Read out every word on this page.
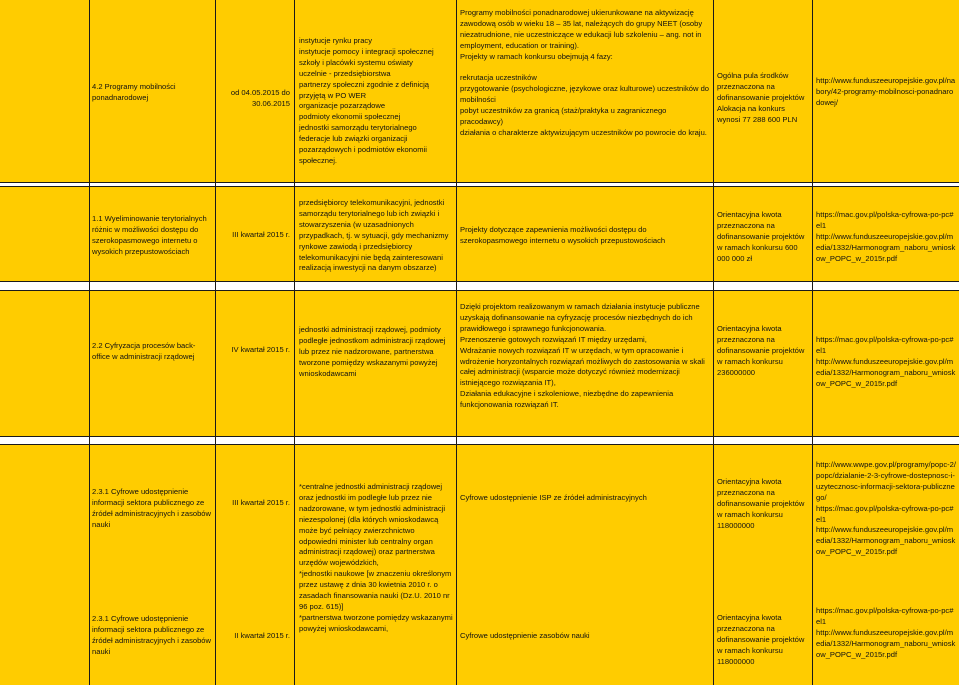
4.2 Programy mobilności ponadnarodowej
od 04.05.2015 do 30.06.2015
instytucje rynku pracy
instytucje pomocy i integracji społecznej
szkoły i placówki systemu oświaty
uczelnie - przedsiębiorstwa
partnerzy społeczni zgodnie z definicją przyjętą w PO WER
organizacje pozarządowe
podmioty ekonomii społecznej
jednostki samorządu terytorialnego
federacje lub związki organizacji pozarządowych i podmiotów ekonomii społecznej.
Programy mobilności ponadnarodowej ukierunkowane na aktywizację zawodową osób w wieku 18 – 35 lat, należących do grupy NEET (osoby niezatrudnione, nie uczestniczące w edukacji lub szkoleniu – ang. not in employment, education or training).
Projekty w ramach konkursu obejmują 4 fazy:

rekrutacja uczestników
przygotowanie (psychologiczne, językowe oraz kulturowe) uczestników do mobilności
pobyt uczestników za granicą (staż/praktyka u zagranicznego pracodawcy)
działania o charakterze aktywizującym uczestników po powrocie do kraju.
Ogólna pula środków przeznaczona na dofinansowanie projektów
Alokacja na konkurs wynosi 77 288 600 PLN
http://www.funduszeeuropejskie.gov.pl/nabory/42-programy-mobilnosci-ponadnarodowej/
1.1 Wyeliminowanie terytorialnych różnic w możliwości dostępu do szerokopasmowego internetu o wysokich przepustowościach
III kwartał 2015 r.
przedsiębiorcy telekomunikacyjni, jednostki samorządu terytorialnego lub ich związki i stowarzyszenia (w uzasadnionych przypadkach, tj. w sytuacji, gdy mechanizmy rynkowe zawiodą i przedsiębiorcy telekomunikacyjni nie będą zainteresowani realizacją inwestycji na danym obszarze)
Projekty dotyczące zapewnienia możliwości dostępu do szerokopasmowego internetu o wysokich przepustowościach
Orientacyjna kwota przeznaczona na dofinansowanie projektów w ramach konkursu 600 000 000 zł
https://mac.gov.pl/polska-cyfrowa-po-pc#el1
http://www.funduszeeuropejskie.gov.pl/media/1332/Harmonogram_naboru_wnioskow_POPC_w_2015r.pdf
2.2 Cyfryzacja procesów back-office w administracji rządowej
IV kwartał 2015 r.
jednostki administracji rządowej, podmioty podległe jednostkom administracji rządowej lub przez nie nadzorowane, partnerstwa tworzone pomiędzy wskazanymi powyżej wnioskodawcami
Dzięki projektom realizowanym w ramach działania instytucje publiczne uzyskają dofinansowanie na cyfryzację procesów niezbędnych do ich prawidłowego i sprawnego funkcjonowania.
Przenoszenie gotowych rozwiązań IT między urzędami,
Wdrażanie nowych rozwiązań IT w urzędach, w tym opracowanie i wdrożenie horyzontalnych rozwiązań możliwych do zastosowania w skali całej administracji (wsparcie może dotyczyć również modernizacji istniejącego rozwiązania IT),
Działania edukacyjne i szkoleniowe, niezbędne do zapewnienia funkcjonowania rozwiązań IT.
Orientacyjna kwota przeznaczona na dofinansowanie projektów w ramach konkursu 236000000
https://mac.gov.pl/polska-cyfrowa-po-pc#el1
http://www.funduszeeuropejskie.gov.pl/media/1332/Harmonogram_naboru_wnioskow_POPC_w_2015r.pdf
2.3.1 Cyfrowe udostępnienie informacji sektora publicznego ze źródeł administracyjnych i zasobów nauki
III kwartał 2015 r.
*centralne jednostki administracji rządowej oraz jednostki im podległe lub przez nie nadzorowane, w tym jednostki administracji niezespolonej (dla których wnioskodawcą może być pełniący zwierzchnictwo odpowiedni minister lub centralny organ administracji rządowej) oraz partnerstwa urzędów wojewódzkich,
*jednostki naukowe [w znaczeniu określonym przez ustawę z dnia 30 kwietnia 2010 r. o zasadach finansowania nauki (Dz.U. 2010 nr 96 poz. 615)]
*partnerstwa tworzone pomiędzy wskazanymi powyżej wnioskodawcami,
Cyfrowe udostępnienie ISP ze źródeł administracyjnych
Orientacyjna kwota przeznaczona na dofinansowanie projektów w ramach konkursu 118000000
http://www.wwpe.gov.pl/programy/popc-2/popc/dzialanie-2-3-cyfrowe-dostepnosc-i-uzytecznosc-informacji-sektora-publicznego/
https://mac.gov.pl/polska-cyfrowa-po-pc#el1
http://www.funduszeeuropejskie.gov.pl/media/1332/Harmonogram_naboru_wnioskow_POPC_w_2015r.pdf
2.3.1 Cyfrowe udostępnienie informacji sektora publicznego ze źródeł administracyjnych i zasobów nauki
II kwartał 2015 r.	Cyfrowe udostępnienie zasobów nauki
Orientacyjna kwota przeznaczona na dofinansowanie projektów w ramach konkursu 118000000
https://mac.gov.pl/polska-cyfrowa-po-pc#el1
http://www.funduszeeuropejskie.gov.pl/media/1332/Harmonogram_naboru_wnioskow_POPC_w_2015r.pdf
